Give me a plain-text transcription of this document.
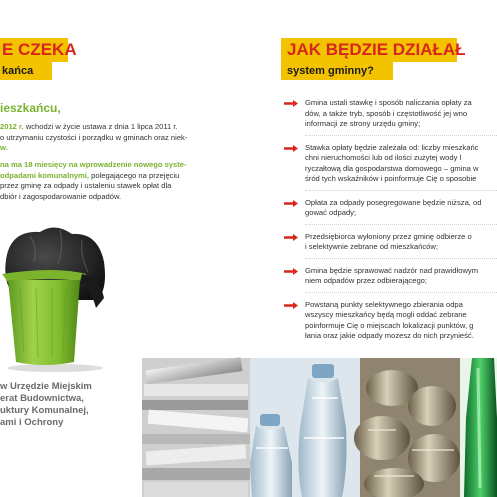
E CZEKA
kańca
ieszkańcu,
2012 r. wchodzi w życie ustawa z dnia 1 lipca 2011 r.
o utrzymaniu czystości i porządku w gminach oraz niek-
w.
na ma 18 miesięcy na wprowadzenie nowego syste-
odpadami komunalnymi, polegającego na przejęciu
przez gminę za odpady i ustaleniu stawek opłat dla
dbiór i zagospodarowanie odpadów.
w Urzędzie Miejskim
erat Budownictwa,
uktury Komunalnej,
ami i Ochrony
JAK BĘDZIE DZIAŁAŁ
system gminny?
Gmina ustali stawkę i sposób naliczania opłaty za
dów, a także tryb, sposób i częstotliwość jej wno
informacji ze strony urzędu gminy;
Stawka opłaty będzie zależała od: liczby mieszkańc
chni nieruchomości lub od ilości zużytej wody l
ryczałtową dla gospodarstwa domowego – gmina w
śród tych wskaźników i poinformuje Cię o sposobie
Opłata za odpady posegregowane będzie niższa, od
gować odpady;
Przedsiębiorca wyłoniony przez gminę odbierze o
i selektywnie zebrane od mieszkańców;
Gmina będzie sprawować nadzór nad prawidłowym
niem odpadów przez odbierającego;
Powstaną punkty selektywnego zbierania odpa
wszyscy mieszkańcy będą mogli oddać zebrane
poinformuje Cię o miejscach lokalizacji punktów, g
łania oraz jakie odpady możesz do nich przynieść.
